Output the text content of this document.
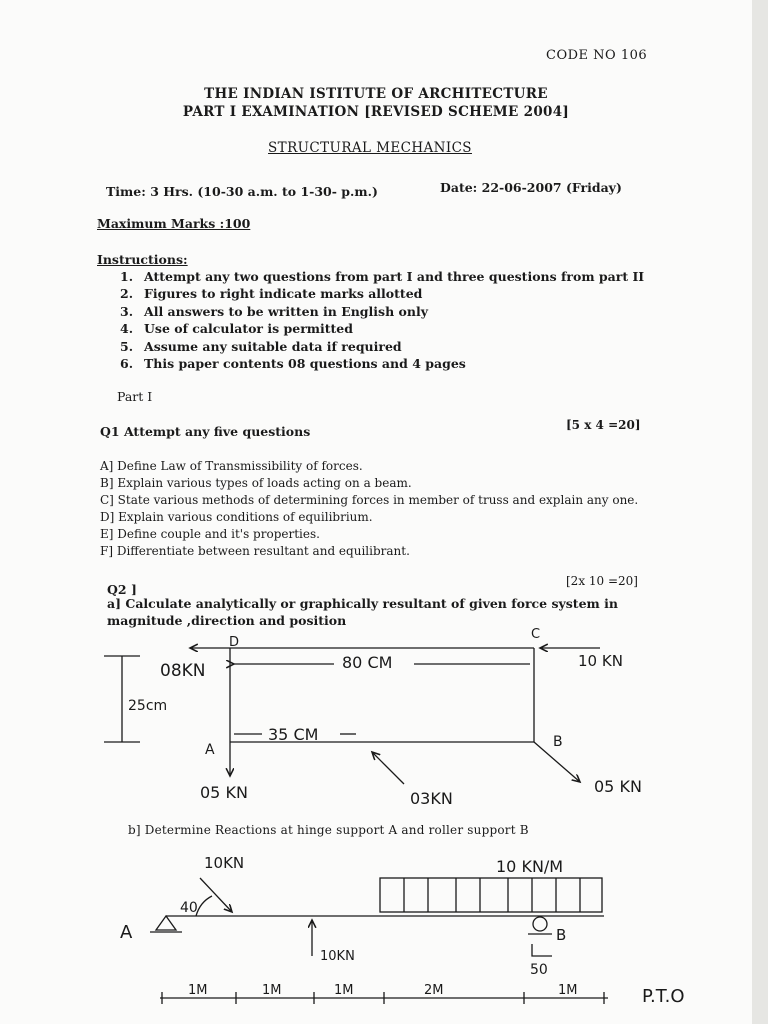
CODE NO 106
THE INDIAN ISTITUTE OF ARCHITECTURE
PART I EXAMINATION [REVISED SCHEME 2004]
STRUCTURAL MECHANICS
Time: 3 Hrs. (10-30 a.m. to 1-30- p.m.)	Date: 22-06-2007 (Friday)
Maximum Marks :100
Instructions:
1. Attempt any two questions from part I and three questions from part II
2. Figures to right indicate marks allotted
3. All answers to be written in English only
4. Use of calculator is permitted
5. Assume any suitable data if required
6. This paper contents 08 questions and 4 pages
Part I
Q1 Attempt any five questions	[5 x 4 =20]
A] Define Law of Transmissibility of forces.
B] Explain various types of loads acting on a beam.
C] State various methods of determining forces in member of truss and explain any one.
D] Explain various conditions of equilibrium.
E] Define couple and it's properties.
F] Differentiate between resultant and equilibrant.
Q2 ]
[2x 10 =20]
a] Calculate analytically or graphically resultant of given force system in magnitude ,direction and position
b] Determine Reactions at hinge support A and roller support B
D
C
A	B
08KN	80 CM	10 KN
25cm
35 CM
05 KN	03KN
05 KN
10KN	10 KN/M
40
A	B
10KN
50
1M	1M	1M	2M	1M	P.T.O
